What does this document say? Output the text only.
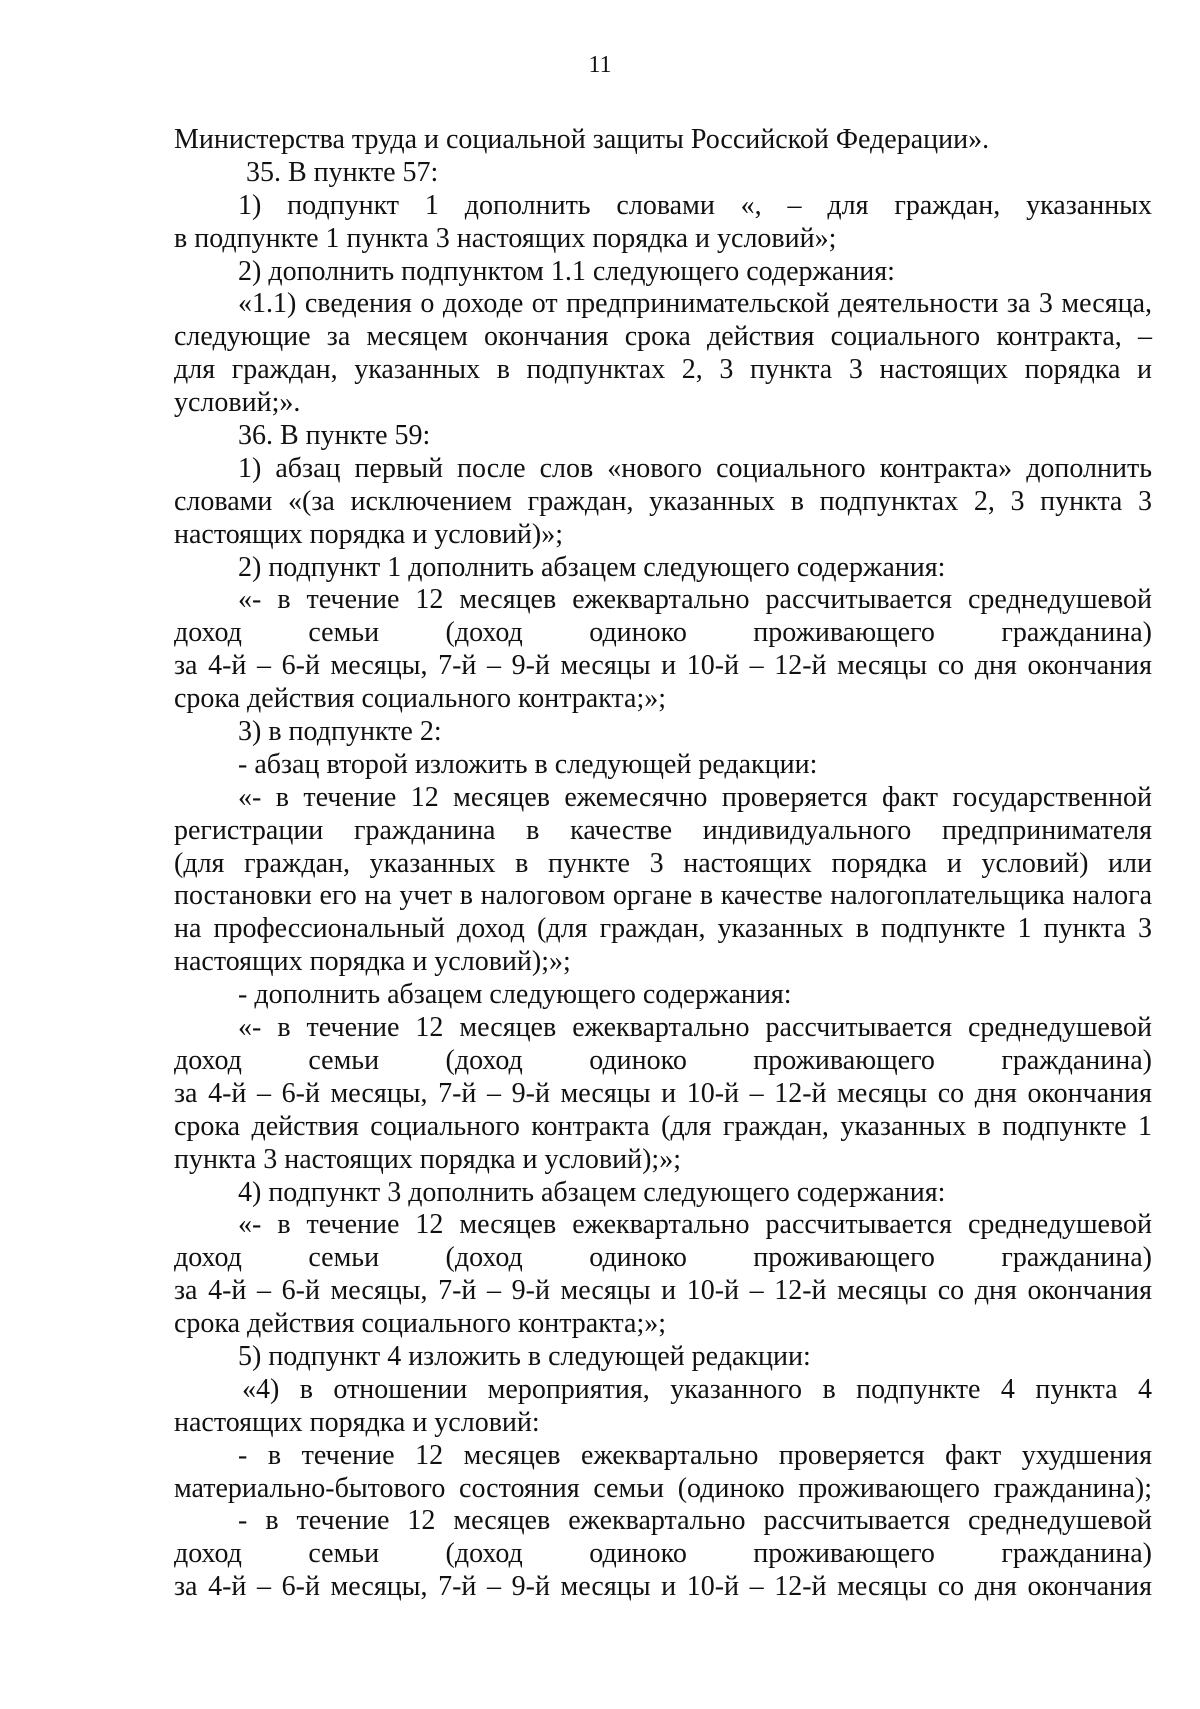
11
Министерства труда и социальной защиты Российской Федерации».
35. В пункте 57:
1) подпункт 1 дополнить словами «, – для граждан, указанных
в подпункте 1 пункта 3 настоящих порядка и условий»;
2) дополнить подпунктом 1.1 следующего содержания:
«1.1) сведения о доходе от предпринимательской деятельности за 3 месяца,
следующие за месяцем окончания срока действия социального контракта, –
для граждан, указанных в подпунктах 2, 3 пункта 3 настоящих порядка и
условий;».
36. В пункте 59:
1) абзац первый после слов «нового социального контракта» дополнить
словами «(за исключением граждан, указанных в подпунктах 2, 3 пункта 3
настоящих порядка и условий)»;
2) подпункт 1 дополнить абзацем следующего содержания:
«- в течение 12 месяцев ежеквартально рассчитывается среднедушевой
доход семьи (доход одиноко проживающего гражданина)
за 4-й – 6-й месяцы, 7-й – 9-й месяцы и 10-й – 12-й месяцы со дня окончания
срока действия социального контракта;»;
3) в подпункте 2:
- абзац второй изложить в следующей редакции:
«- в течение 12 месяцев ежемесячно проверяется факт государственной
регистрации гражданина в качестве индивидуального предпринимателя
(для граждан, указанных в пункте 3 настоящих порядка и условий) или
постановки его на учет в налоговом органе в качестве налогоплательщика налога
на профессиональный доход (для граждан, указанных в подпункте 1 пункта 3
настоящих порядка и условий);»;
- дополнить абзацем следующего содержания:
«- в течение 12 месяцев ежеквартально рассчитывается среднедушевой
доход семьи (доход одиноко проживающего гражданина)
за 4-й – 6-й месяцы, 7-й – 9-й месяцы и 10-й – 12-й месяцы со дня окончания
срока действия социального контракта (для граждан, указанных в подпункте 1
пункта 3 настоящих порядка и условий);»;
4) подпункт 3 дополнить абзацем следующего содержания:
«- в течение 12 месяцев ежеквартально рассчитывается среднедушевой
доход семьи (доход одиноко проживающего гражданина)
за 4-й – 6-й месяцы, 7-й – 9-й месяцы и 10-й – 12-й месяцы со дня окончания
срока действия социального контракта;»;
5) подпункт 4 изложить в следующей редакции:
«4) в отношении мероприятия, указанного в подпункте 4 пункта 4
настоящих порядка и условий:
- в течение 12 месяцев ежеквартально проверяется факт ухудшения
материально-бытового состояния семьи (одиноко проживающего гражданина);
- в течение 12 месяцев ежеквартально рассчитывается среднедушевой
доход семьи (доход одиноко проживающего гражданина)
за 4-й – 6-й месяцы, 7-й – 9-й месяцы и 10-й – 12-й месяцы со дня окончания
